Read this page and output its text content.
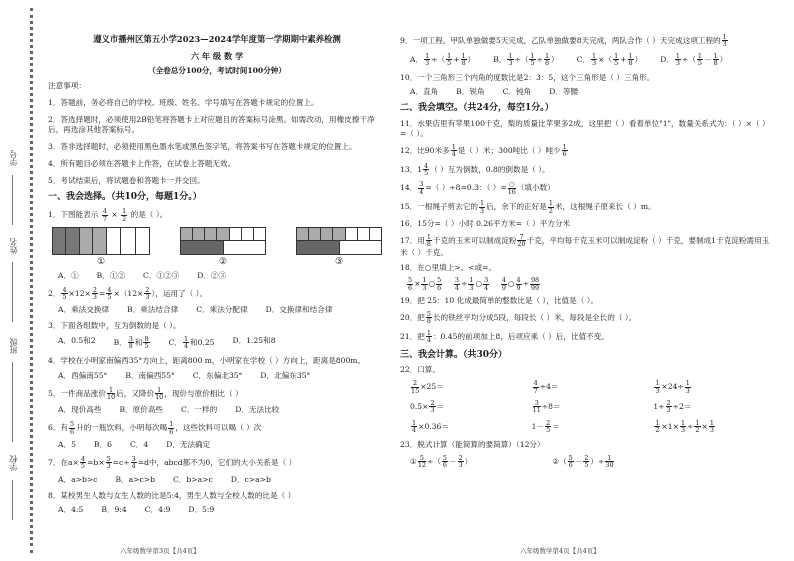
学号
姓名
班级
学校
遵义市播州区第五小学2023—2024学年度第一学期期中素养检测
六 年 级 数 学
（全卷总分100分，考试时间100分钟）

注意事项：

1．答题前，务必将自己的学校、班级、姓名、学号填写在答题卡规定的位置上。

2．答选择题时，必须使用2B铅笔将答题卡上对应题目的答案标号涂黑。如需改动，用橡皮擦干净后，再选涂其他答案标号。

3．答非选择题时，必须使用黑色墨水笔或黑色签字笔，将答案书写在答题卡规定的位置上。

4．所有题目必须在答题卡上作答，在试卷上答题无效。

5．考试结束后，将试题卷和答题卡一并交回。

一、我会选择。（共10分，每题1分。）
1．下图能表示 $\frac{4}{7} \times \frac{1}{2}$ 的是（ ）。
①	②	③
A．① B．①② C．①②③ D．②③
2． $\frac{4}{5} \times 12\times \frac{2}{3} = \frac{4}{5} \times(12\times \frac{2}{3}$ ），运用了（ ）。
A．乘法交换律 B．乘法结合律 C．乘法分配律 D．交换律和结合律
3．下面各组数中，互为倒数的是（ ）。
A．0.5和2 B． $\frac{3}{8}$ 和 $\frac{8}{5}$	C． $\frac{1}{4}$ 和0.25 D．1.25和8
4．学校在小明家南偏西35°方向上，距离800 m，小明家在学校（ ）方向上，距离是800m。
A．西偏南55° B．南偏西55° C．东偏北35° D．北偏东35°
5．一件商品涨价 $\frac{1}{10}$ 后，又降价 $\frac{1}{10}$ ，现价与原价相比（ ）
A．现价高些 B．原价高些 C．一样的 D．无法比较
6．有 $\frac{5}{6}$ 升的一瓶饮料，小明每次喝 $\frac{1}{6}$ ，这些饮料可以喝（ ）次
A．5 B．6 C．4 D．无法确定
7．在$a\times \frac{4}{5} =b\times \frac{5}{3} =c\div \frac{3}{4} =d$中，abcd都不为0，它们的大小关系是（ ）
A．a>b>c B．a>c>b C．b>a>c D．c>a>b
8．某校男生人数与女生人数的比是5:4，男生人数与全校人数的比是（ ）
A．4:5 B．9:4 C．4:9 D．5:9
9．一项工程，甲队单独做要5天完成，乙队单独做要8天完成，两队合作（ ）天完成这项工程的 $\frac{1}{3}$
A． $\frac{1}{3}$ ÷（ $\frac{1}{5} + \frac{1}{8}$ ） B． $\frac{1}{3}$ ÷（ $\frac{1}{5} \div \frac{1}{8}$ ） C． $\frac{1}{3}$ ×（ $\frac{1}{5} + \frac{1}{8}$ ） D． $\frac{1}{3}$ ÷（ $\frac{1}{5} - \frac{1}{8}$ ）
10．一个三角形三个内角的度数比是2：3：5，这个三角形是（ ）三角形。
A．直角 B．锐角 C．钝角 D．等腰
二、我会填空。（共24分，每空1分。）
11．水果店里有苹果100千克，梨的质量比苹果多2成，这里把（ ）看着单位"1"，数量关系式为：（ ）×（ ）=（ ）。
12．比90米多 $\frac{1}{4}$ 是（ ）米；300吨比（ ）吨少 $\frac{1}{6}$
13．$1 \frac{4}{5}$ （ ）互为倒数，0.8的倒数是（ ）。
14． $\frac{3}{4}$ =（ ）÷8=0.3：（ ）= $\frac{○}{16}$ （填小数）
15．一根绳子剪去它的 $\frac{1}{3}$ 后，余下的正好是 $\frac{1}{2}$ 米，这根绳子原来长（ ）m。
16．15分=（ ）小时 0.26平方米=（ ）平方分米
17．用 $\frac{1}{8}$ 千克的玉米可以制成淀粉 $\frac{7}{20}$ 千克，平均每千克玉米可以制成淀粉（ ）千克，要制成1千克淀粉需用玉米（ ）千克。
18．在○里填上>、<或=。
$\frac{5}{6} \times \frac{1}{3}$ ○ $\frac{5}{6}$
$\frac{3}{4} \div \frac{1}{3}$ ○ $\frac{3}{4}$
$\frac{4}{9}$ ○ $\frac{4}{9} \div \frac{98}{99}$
19．把 25：10 化成最简单的整数比是（ ），比值是（ ）。
20．把 $\frac{5}{8}$ 长的铁丝平均分成5段，每段长（ ）米，每段是全长的（ ）。
21．把 $\frac{1}{4}$ ：0.45的前项加上8，后项应乘（ ）后，比值不变。
三、我会计算。（共30分）
22．口算。
$\frac{2}{15} \times 25=$	$\frac{4}{7} \div 4=$	$\frac{1}{3} \times 24\div \frac{1}{3}$
$0.5\times \frac{2}{3}$ ＝	$\frac{3}{11} \div 8=$	$1\div \frac{2}{3} \div 2=$
$\frac{1}{4} \times 0.36=$	$1- \frac{2}{5}$ ＝	$\frac{1}{2} \times 1\times \frac{1}{3} \div \frac{1}{2} \times \frac{1}{3}$
23．脱式计算（能简算的要简算）（12分）
① $\frac{5}{12}$ ÷（ $\frac{5}{6} - \frac{2}{3}$ ）	②（ $\frac{5}{6} - \frac{2}{5}$ ）÷ $\frac{1}{30}$
六年级数学第3页【共4页】	六年级数学第4页【共4页】
